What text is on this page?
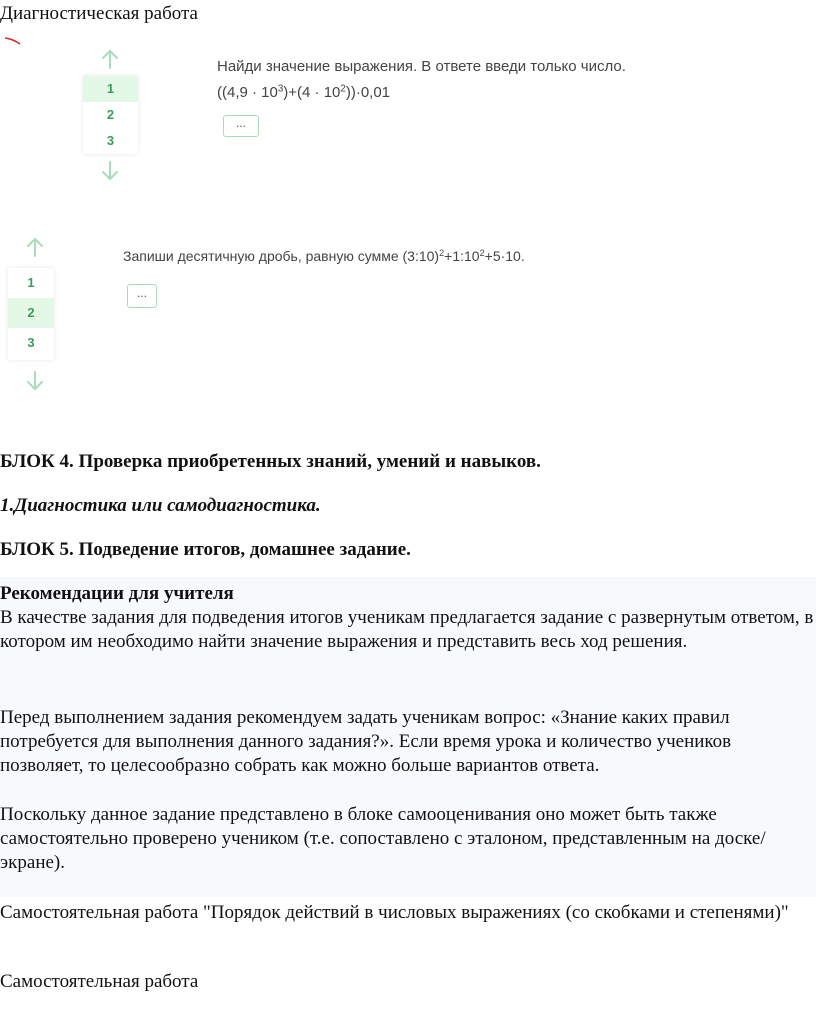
Диагностическая работа
1
2
3
Найди значение выражения. В ответе введи только число.
$((4,9 \cdot 10^3)+(4 \cdot 10^2))\cdot 0,01$
...
1
2
3
Запиши десятичную дробь, равную сумме $(3:10)^2+1:10^2+5\cdot 10$.
...
БЛОК 4. Проверка приобретенных знаний, умений и навыков.
1.Диагностика или самодиагностика.
БЛОК 5. Подведение итогов, домашнее задание.
Рекомендации для учителя
В качестве задания для подведения итогов ученикам предлагается задание с развернутым ответом, в котором им необходимо найти значение выражения и представить весь ход решения.
Перед выполнением задания рекомендуем задать ученикам вопрос: «Знание каких правил потребуется для выполнения данного задания?». Если время урока и количество учеников позволяет, то целесообразно собрать как можно больше вариантов ответа.
Поскольку данное задание представлено в блоке самооценивания оно может быть также самостоятельно проверено учеником (т.е. сопоставлено с эталоном, представленным на доске/экране).
Самостоятельная работа "Порядок действий в числовых выражениях (со скобками и степенями)"
Самостоятельная работа
